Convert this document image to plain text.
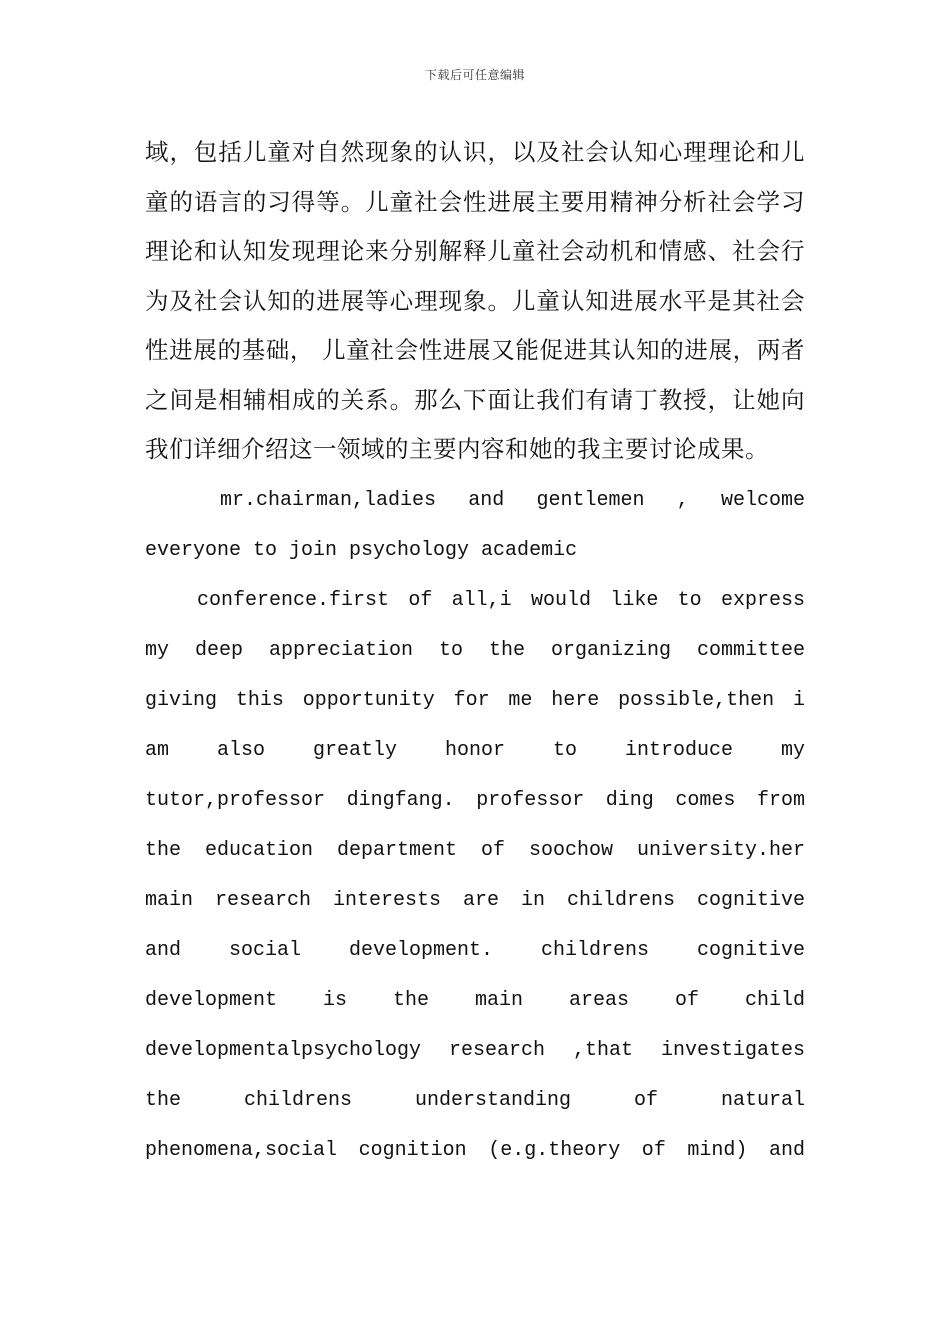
下载后可任意编辑

域，包括儿童对自然现象的认识，以及社会认知心理理论和儿童的语言的习得等。儿童社会性进展主要用精神分析社会学习理论和认知发现理论来分别解释儿童社会动机和情感、社会行为及社会认知的进展等心理现象。儿童认知进展水平是其社会性进展的基础， 儿童社会性进展又能促进其认知的进展，两者之间是相辅相成的关系。那么下面让我们有请丁教授，让她向我们详细介绍这一领域的主要内容和她的我主要讨论成果。

mr.chairman,ladies and gentlemen , welcome
everyone to join psychology academic
conference.first of all,i would like to express
my deep appreciation to the organizing committee
giving this opportunity for me here possible,then i
am also greatly honor to introduce my
tutor,professor dingfang. professor ding comes from
the education department of soochow university.her
main research interests are in childrens cognitive
and social development. childrens cognitive
development is the main areas of child
developmentalpsychology research ,that investigates
the childrens understanding of natural
phenomena,social cognition (e.g.theory of mind) and
